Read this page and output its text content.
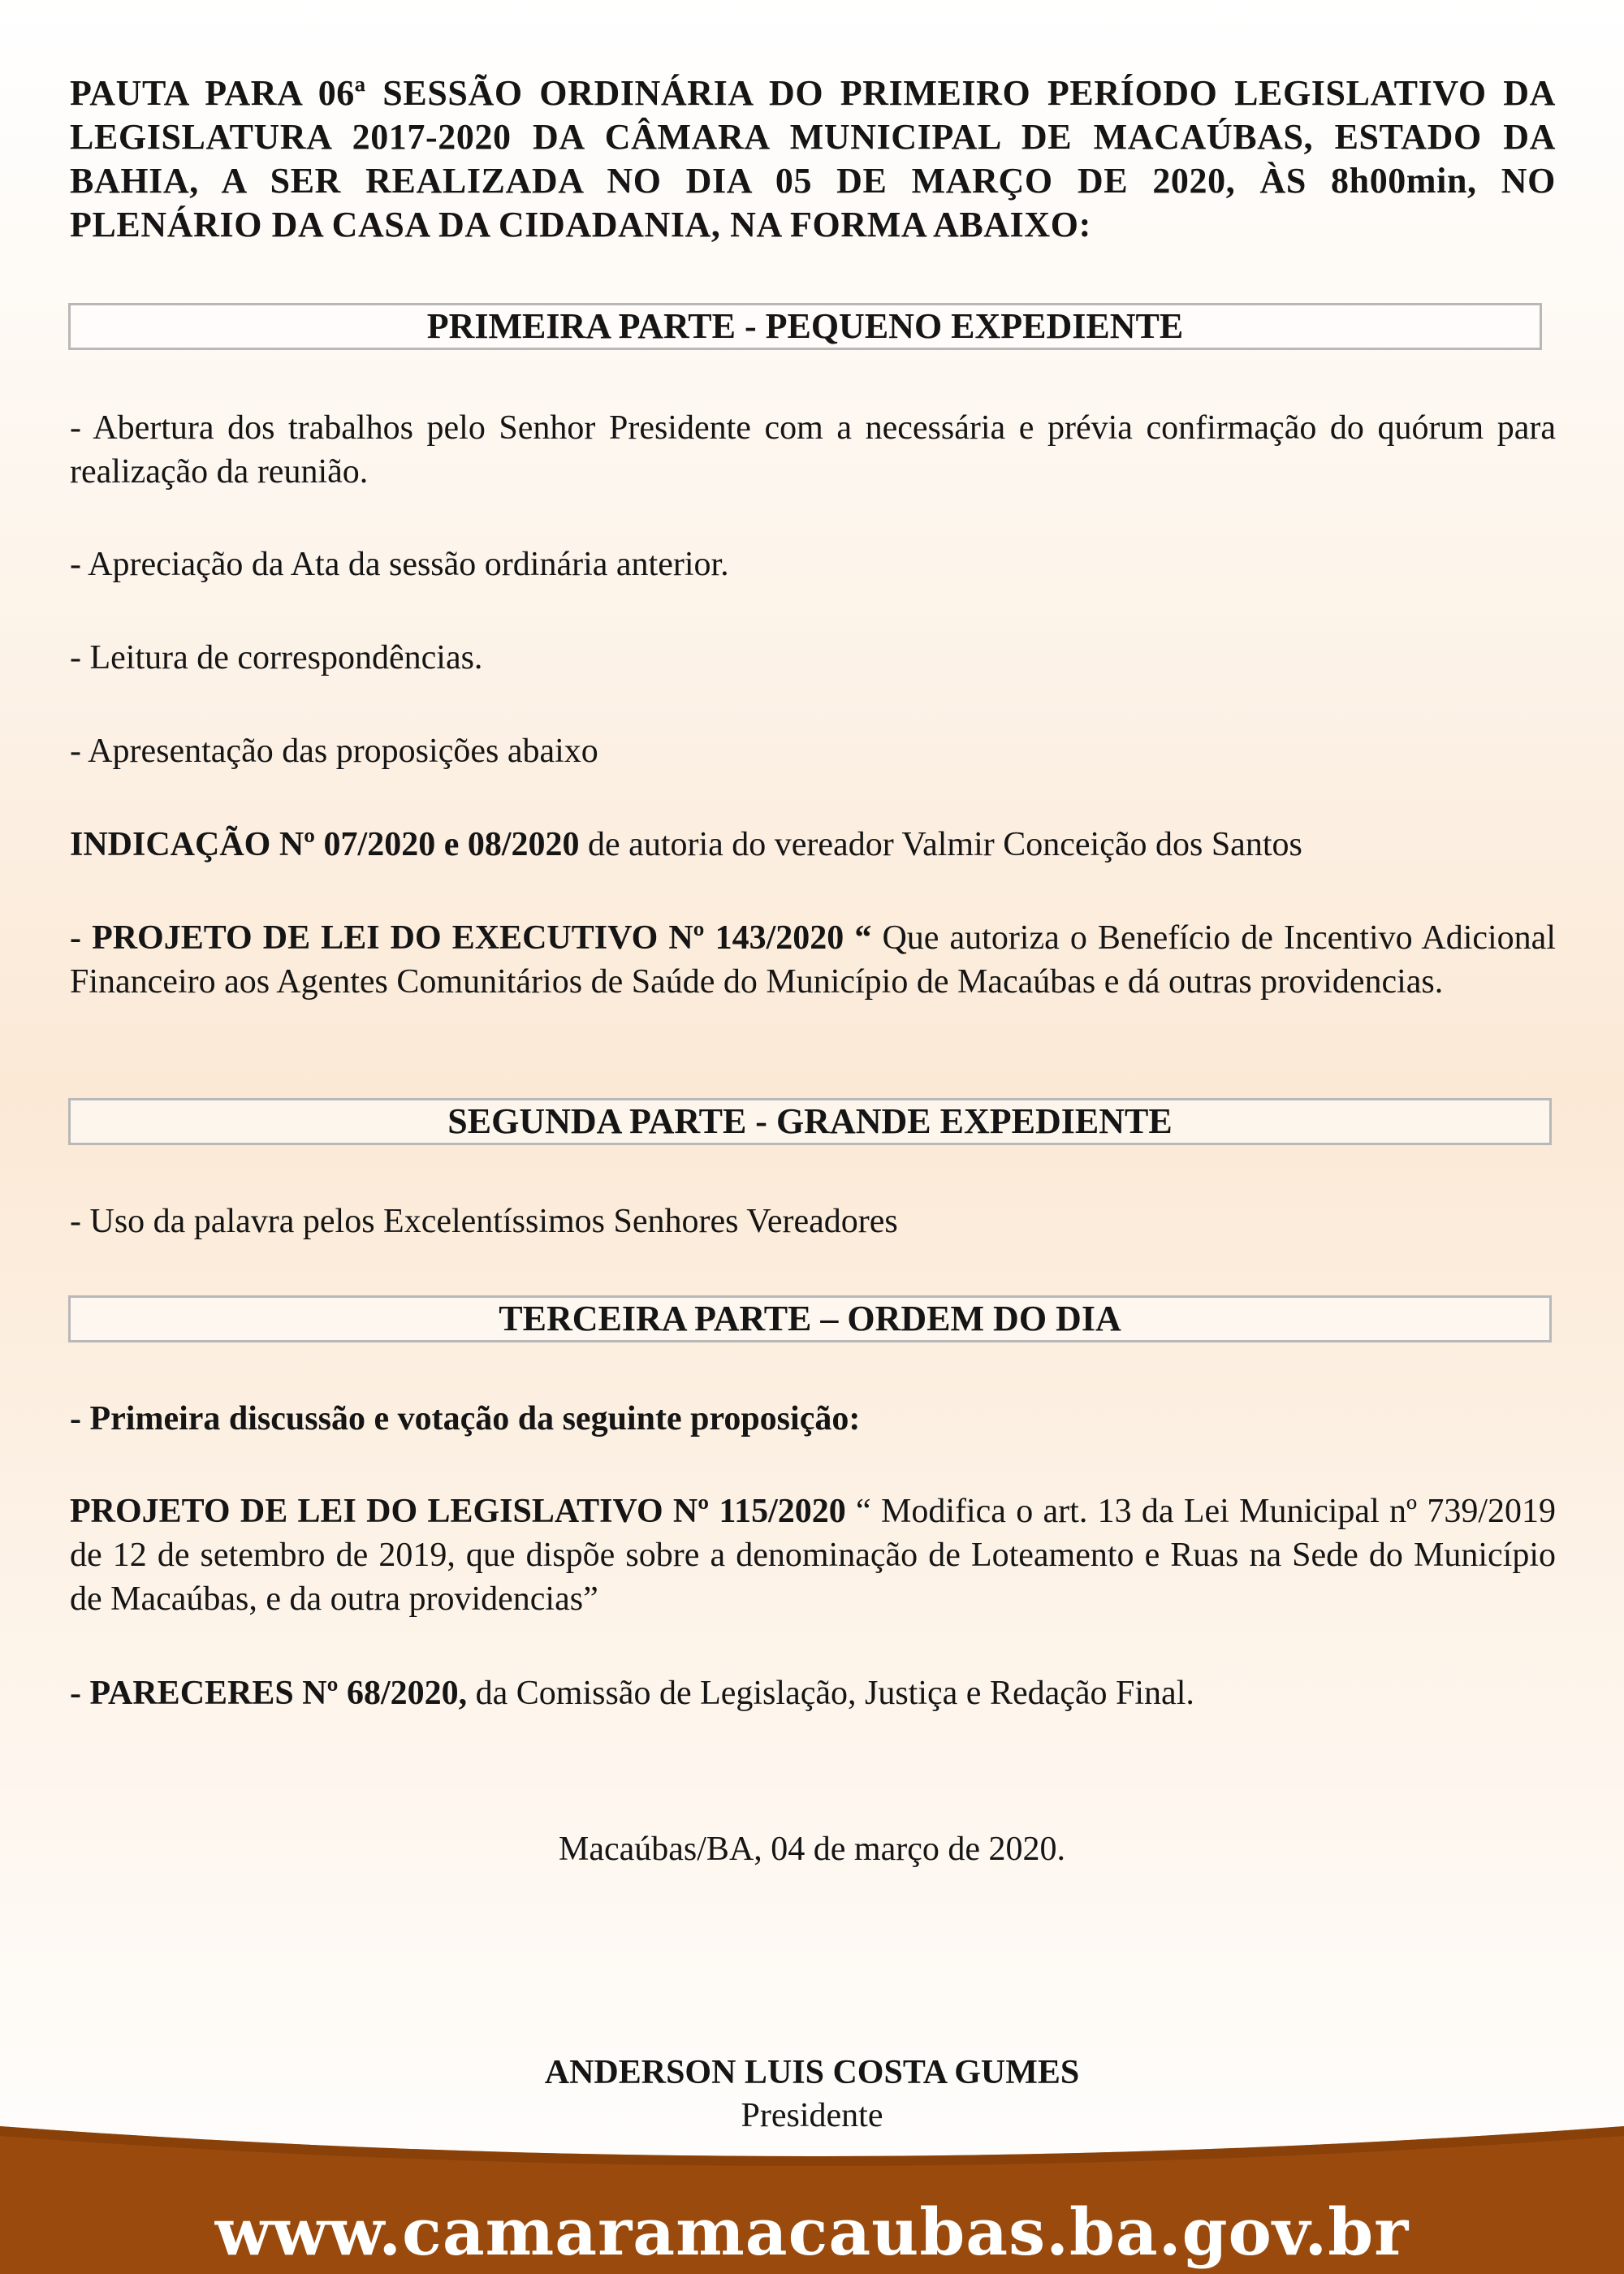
PAUTA PARA 06ª SESSÃO ORDINÁRIA DO PRIMEIRO PERÍODO LEGISLATIVO DA LEGISLATURA 2017-2020 DA CÂMARA MUNICIPAL DE MACAÚBAS, ESTADO DA BAHIA, A SER REALIZADA NO DIA 05 DE MARÇO DE 2020, ÀS 8h00min, NO PLENÁRIO DA CASA DA CIDADANIA, NA FORMA ABAIXO:
PRIMEIRA PARTE - PEQUENO EXPEDIENTE
- Abertura dos trabalhos pelo Senhor Presidente com a necessária e prévia confirmação do quórum para realização da reunião.
- Apreciação da Ata da sessão ordinária anterior.
- Leitura de correspondências.
- Apresentação das proposições abaixo
INDICAÇÃO Nº 07/2020 e 08/2020 de autoria do vereador Valmir Conceição dos Santos
- PROJETO DE LEI DO EXECUTIVO Nº 143/2020 “ Que autoriza o Benefício de Incentivo Adicional Financeiro aos Agentes Comunitários de Saúde do Município de Macaúbas e dá outras providencias.
SEGUNDA PARTE - GRANDE EXPEDIENTE
- Uso da palavra pelos Excelentíssimos Senhores Vereadores
TERCEIRA PARTE – ORDEM DO DIA
- Primeira discussão e votação da seguinte proposição:
PROJETO DE LEI DO LEGISLATIVO Nº 115/2020 “ Modifica o art. 13 da Lei Municipal nº 739/2019 de 12 de setembro de 2019, que dispõe sobre a denominação de Loteamento e Ruas na Sede do Município de Macaúbas, e da outra providencias”
- PARECERES Nº 68/2020, da Comissão de Legislação, Justiça e Redação Final.
Macaúbas/BA, 04 de março de 2020.
ANDERSON LUIS COSTA GUMES
Presidente
www.camaramacaubas.ba.gov.br
